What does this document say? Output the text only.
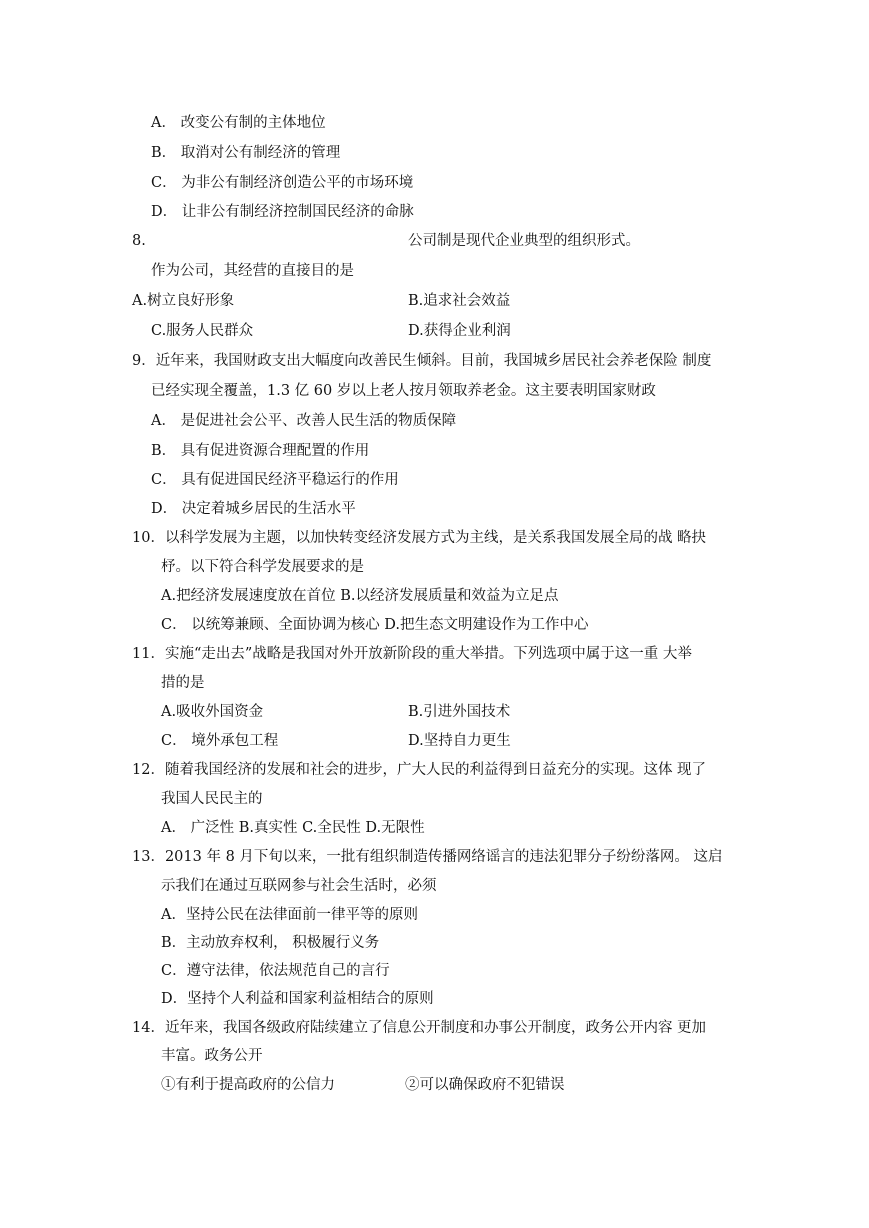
A． 改变公有制的主体地位
B． 取消对公有制经济的管理
C． 为非公有制经济创造公平的市场环境
D． 让非公有制经济控制国民经济的命脉
8.	公司制是现代企业典型的组织形式。
作为公司，其经营的直接目的是
A.树立良好形象	B.追求社会效益
C.服务人民群众	D.获得企业利润
9．近年来，我国财政支出大幅度向改善民生倾斜。目前，我国城乡居民社会养老保险 制度
已经实现全覆盖，1.3 亿 60 岁以上老人按月领取养老金。这主要表明国家财政
A． 是促进社会公平、改善人民生活的物质保障
B． 具有促进资源合理配置的作用
C． 具有促进国民经济平稳运行的作用
D． 决定着城乡居民的生活水平
10．以科学发展为主题，以加快转变经济发展方式为主线，是关系我国发展全局的战 略抉
杼。以下符合科学发展要求的是
A.把经济发展速度放在首位 B.以经济发展质量和效益为立足点
C． 以统筹兼顾、全面协调为核心 D.把生态文明建设作为工作中心
11．实施“走出去”战略是我国对外开放新阶段的重大举措。下列选项中属于这一重 大举
措的是
A.吸收外国资金	B.引进外国技术
C． 境外承包工程	D.坚持自力更生
12．随着我国经济的发展和社会的进步，广大人民的利益得到日益充分的实现。这体 现了
我国人民民主的
A． 广泛性 B.真实性 C.全民性 D.无限性
13．2013 年 8 月下旬以来，一批有组织制造传播网络谣言的违法犯罪分子纷纷落网。 这启
示我们在通过互联网参与社会生活时，必须
A．坚持公民在法律面前一律平等的原则
B．主动放弃权利， 积极履行义务
C．遵守法律，依法规范自己的言行
D．坚持个人利益和国家利益相结合的原则
14．近年来，我国各级政府陆续建立了信息公开制度和办事公开制度，政务公开内容 更加
丰富。政务公开
①有利于提高政府的公信力	②可以确保政府不犯错误
